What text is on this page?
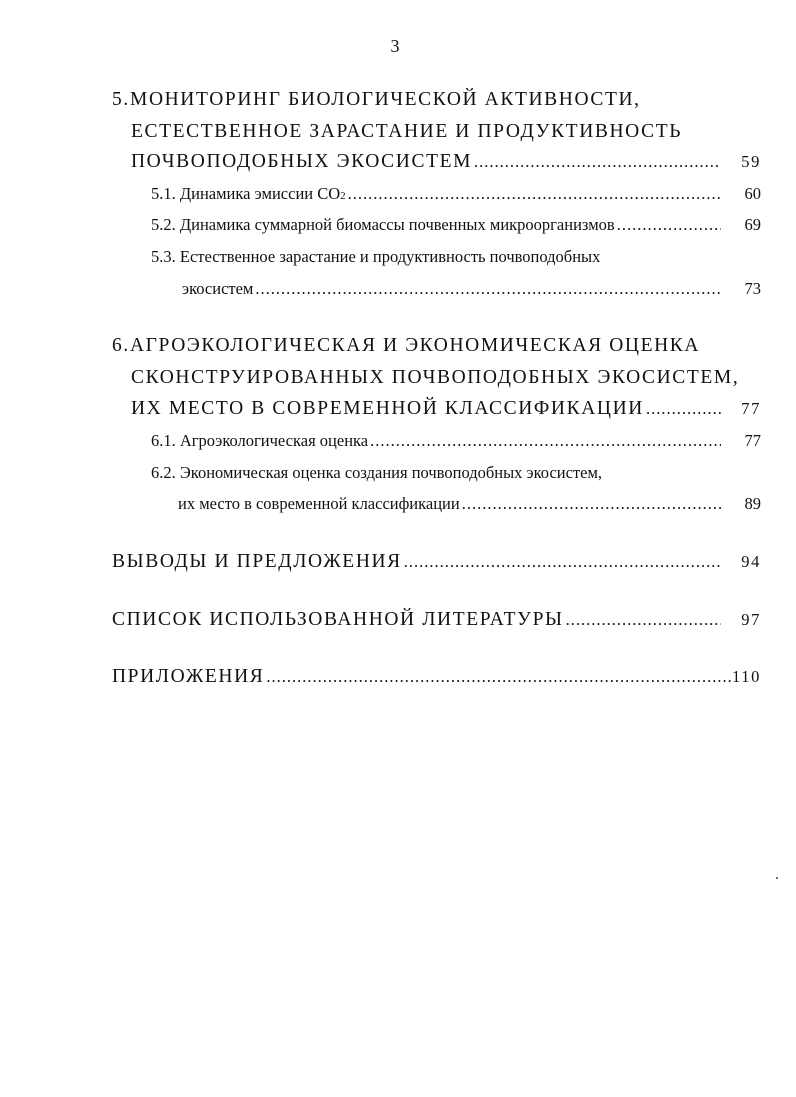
3
5. МОНИТОРИНГ БИОЛОГИЧЕСКОЙ АКТИВНОСТИ,
ЕСТЕСТВЕННОЕ ЗАРАСТАНИЕ И ПРОДУКТИВНОСТЬ
ПОЧВОПОДОБНЫХ ЭКОСИСТЕМ .....	59
5.1.
Динамика эмиссии CO 2 .....	60
5.2.
Динамика суммарной биомассы почвенных микроорганизмов .....	69
5.3.
Естественное зарастание и продуктивность почвоподобных
экосистем .....	73
6. АГРОЭКОЛОГИЧЕСКАЯ И ЭКОНОМИЧЕСКАЯ ОЦЕНКА
СКОНСТРУИРОВАННЫХ ПОЧВОПОДОБНЫХ ЭКОСИСТЕМ,
ИХ МЕСТО В СОВРЕМЕННОЙ КЛАССИФИКАЦИИ .....	77
6.1.
Агроэкологическая оценка .....	77
6.2.
Экономическая оценка создания почвоподобных экосистем,
их место в современной классификации .....	89
ВЫВОДЫ И ПРЕДЛОЖЕНИЯ .....	94
СПИСОК ИСПОЛЬЗОВАННОЙ ЛИТЕРАТУРЫ .....	97
ПРИЛОЖЕНИЯ .....	110
